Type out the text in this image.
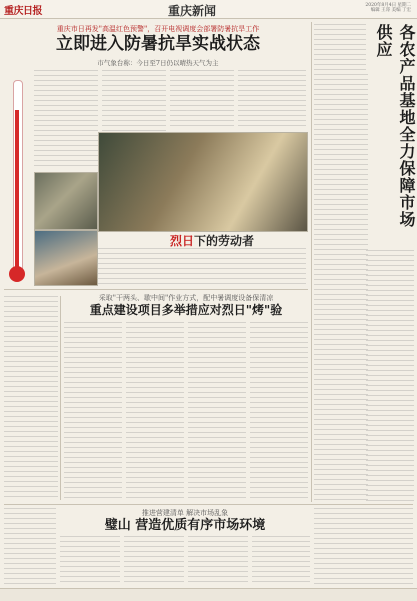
重庆日报	重庆新闻	2020年8月4日 星期二
编辑 王哥 美编 丁宏
重庆市日再发"高温红色预警"，召开电视调度会部署防暑抗旱工作
立即进入防暑抗旱实战状态
市气象台称：今日至7日仍以晴热天气为主
烈日下的劳动者
采取"干两头、歇中间"作业方式，配中暑调度设备保清凉
重点建设项目多举措应对烈日"烤"验
各农产品基地全力保障市场供应
推进营建清单 解决市场乱象
璧山 营造优质有序市场环境
